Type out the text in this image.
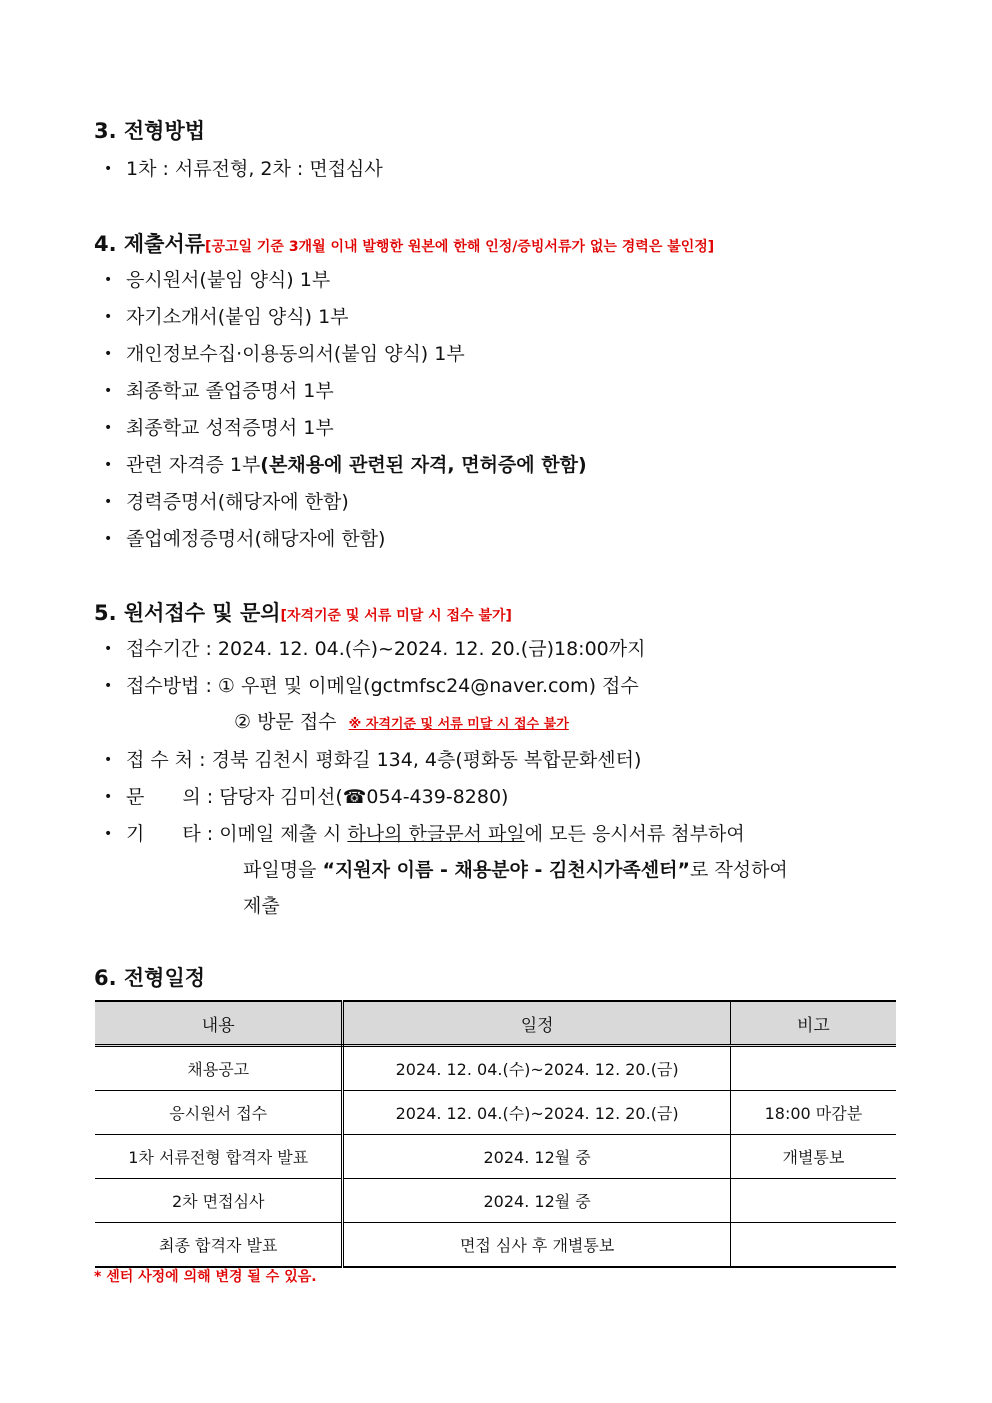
3. 전형방법
• 1차 : 서류전형, 2차 : 면접심사
4. 제출서류[공고일 기준 3개월 이내 발행한 원본에 한해 인정/증빙서류가 없는 경력은 불인정]
• 응시원서(붙임 양식) 1부
• 자기소개서(붙임 양식) 1부
• 개인정보수집·이용동의서(붙임 양식) 1부
• 최종학교 졸업증명서 1부
• 최종학교 성적증명서 1부
• 관련 자격증 1부(본채용에 관련된 자격, 면허증에 한함)
• 경력증명서(해당자에 한함)
• 졸업예정증명서(해당자에 한함)
5. 원서접수 및 문의[자격기준 및 서류 미달 시 접수 불가]
• 접수기간 : 2024. 12. 04.(수)~2024. 12. 20.(금)18:00까지
• 접수방법 : ① 우편 및 이메일(gctmfsc24@naver.com) 접수
② 방문 접수 ※ 자격기준 및 서류 미달 시 접수 불가
• 접 수 처 : 경북 김천시 평화길 134, 4층(평화동 복합문화센터)
• 문　　의 : 담당자 김미선(☎054-439-8280)
• 기　　타 : 이메일 제출 시 하나의 한글문서 파일에 모든 응시서류 첨부하여
파일명을 “지원자 이름 - 채용분야 - 김천시가족센터”로 작성하여
제출
6. 전형일정
내용	일정	비고
채용공고	2024. 12. 04.(수)~2024. 12. 20.(금)	
응시원서 접수	2024. 12. 04.(수)~2024. 12. 20.(금)	18:00 마감분
1차 서류전형 합격자 발표	2024. 12월 중	개별통보
2차 면접심사	2024. 12월 중	
최종 합격자 발표	면접 심사 후 개별통보	
* 센터 사정에 의해 변경 될 수 있음.
